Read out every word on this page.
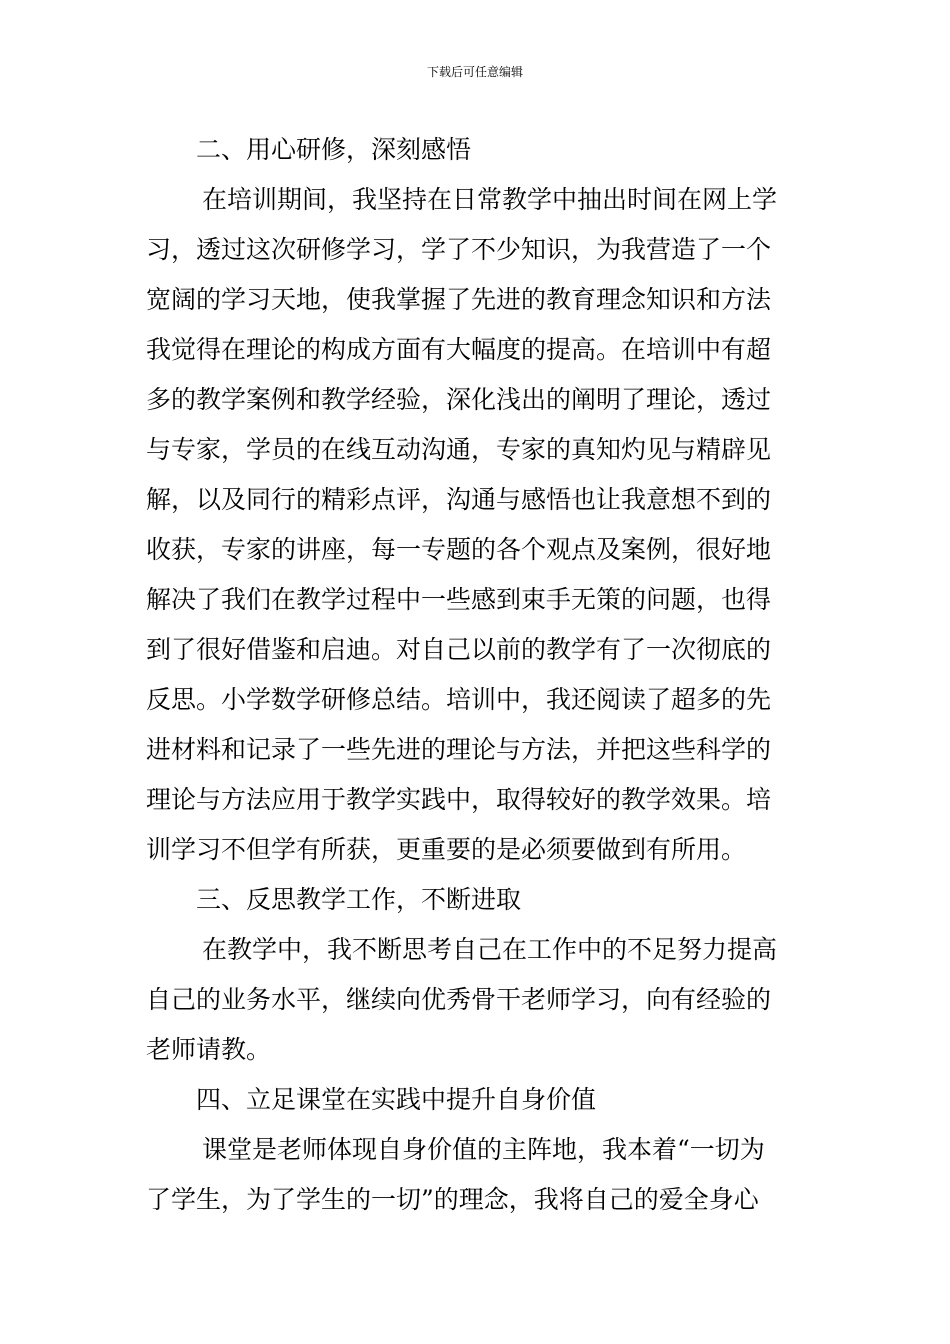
下载后可任意编辑
二、用心研修，深刻感悟
在培训期间，我坚持在日常教学中抽出时间在网上学
习，透过这次研修学习，学了不少知识，为我营造了一个
宽阔的学习天地，使我掌握了先进的教育理念知识和方法
我觉得在理论的构成方面有大幅度的提高。在培训中有超
多的教学案例和教学经验，深化浅出的阐明了理论，透过
与专家，学员的在线互动沟通，专家的真知灼见与精辟见
解，以及同行的精彩点评，沟通与感悟也让我意想不到的
收获，专家的讲座，每一专题的各个观点及案例，很好地
解决了我们在教学过程中一些感到束手无策的问题，也得
到了很好借鉴和启迪。对自己以前的教学有了一次彻底的
反思。小学数学研修总结。培训中，我还阅读了超多的先
进材料和记录了一些先进的理论与方法，并把这些科学的
理论与方法应用于教学实践中，取得较好的教学效果。培
训学习不但学有所获，更重要的是必须要做到有所用。
三、反思教学工作，不断进取
在教学中，我不断思考自己在工作中的不足努力提高
自己的业务水平，继续向优秀骨干老师学习，向有经验的
老师请教。
四、立足课堂在实践中提升自身价值
课堂是老师体现自身价值的主阵地，我本着“一切为
了学生，为了学生的一切”的理念，我将自己的爱全身心
